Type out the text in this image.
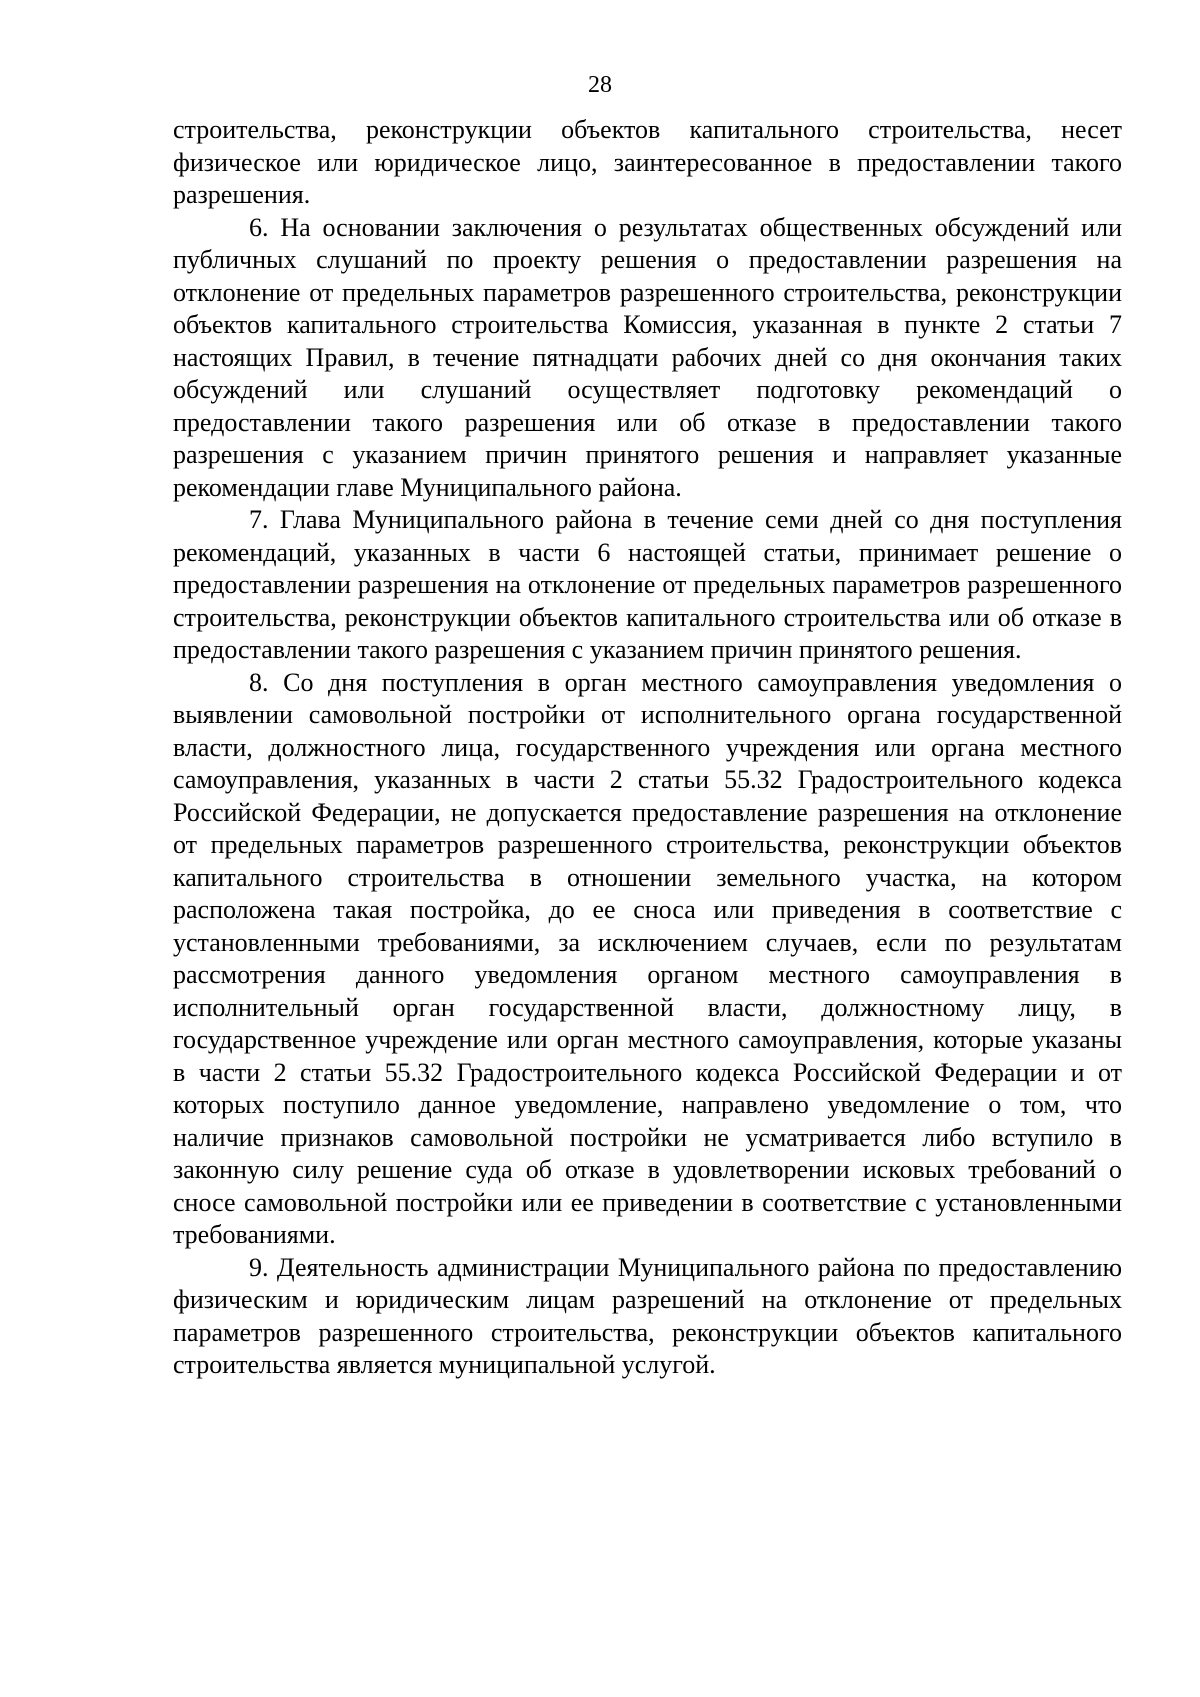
28

строительства, реконструкции объектов капитального строительства, несет физическое или юридическое лицо, заинтересованное в предоставлении такого разрешения.

6. На основании заключения о результатах общественных обсуждений или публичных слушаний по проекту решения о предоставлении разрешения на отклонение от предельных параметров разрешенного строительства, реконструкции объектов капитального строительства Комиссия, указанная в пункте 2 статьи 7 настоящих Правил, в течение пятнадцати рабочих дней со дня окончания таких обсуждений или слушаний осуществляет подготовку рекомендаций о предоставлении такого разрешения или об отказе в предоставлении такого разрешения с указанием причин принятого решения и направляет указанные рекомендации главе Муниципального района.

7. Глава Муниципального района в течение семи дней со дня поступления рекомендаций, указанных в части 6 настоящей статьи, принимает решение о предоставлении разрешения на отклонение от предельных параметров разрешенного строительства, реконструкции объектов капитального строительства или об отказе в предоставлении такого разрешения с указанием причин принятого решения.

8. Со дня поступления в орган местного самоуправления уведомления о выявлении самовольной постройки от исполнительного органа государственной власти, должностного лица, государственного учреждения или органа местного самоуправления, указанных в части 2 статьи 55.32 Градостроительного кодекса Российской Федерации, не допускается предоставление разрешения на отклонение от предельных параметров разрешенного строительства, реконструкции объектов капитального строительства в отношении земельного участка, на котором расположена такая постройка, до ее сноса или приведения в соответствие с установленными требованиями, за исключением случаев, если по результатам рассмотрения данного уведомления органом местного самоуправления в исполнительный орган государственной власти, должностному лицу, в государственное учреждение или орган местного самоуправления, которые указаны в части 2 статьи 55.32 Градостроительного кодекса Российской Федерации и от которых поступило данное уведомление, направлено уведомление о том, что наличие признаков самовольной постройки не усматривается либо вступило в законную силу решение суда об отказе в удовлетворении исковых требований о сносе самовольной постройки или ее приведении в соответствие с установленными требованиями.

9. Деятельность администрации Муниципального района по предоставлению физическим и юридическим лицам разрешений на отклонение от предельных параметров разрешенного строительства, реконструкции объектов капитального строительства является муниципальной услугой.
